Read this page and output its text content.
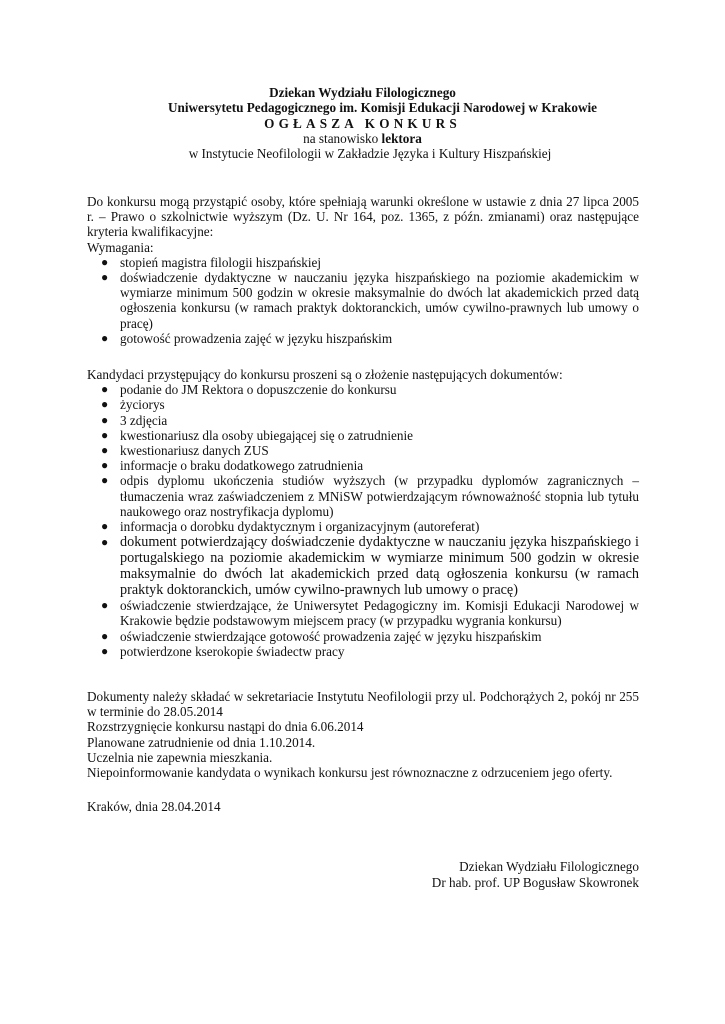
Dziekan Wydziału Filologicznego
Uniwersytetu Pedagogicznego im. Komisji Edukacji Narodowej w Krakowie
OGŁASZA KONKURS
na stanowisko lektora
w Instytucie Neofilologii w Zakładzie Języka i Kultury Hiszpańskiej
Do konkursu mogą przystąpić osoby, które spełniają warunki określone w ustawie z dnia 27 lipca 2005 r. – Prawo o szkolnictwie wyższym (Dz. U. Nr 164, poz. 1365, z późn. zmianami) oraz następujące kryteria kwalifikacyjne:
Wymagania:
● stopień magistra filologii hiszpańskiej
● doświadczenie dydaktyczne w nauczaniu języka hiszpańskiego na poziomie akademickim w wymiarze minimum 500 godzin w okresie maksymalnie do dwóch lat akademickich przed datą ogłoszenia konkursu (w ramach praktyk doktoranckich, umów cywilno-prawnych lub umowy o pracę)
● gotowość prowadzenia zajęć w języku hiszpańskim
Kandydaci przystępujący do konkursu proszeni są o złożenie następujących dokumentów:
● podanie do JM Rektora o dopuszczenie do konkursu
● życiorys
● 3 zdjęcia
● kwestionariusz dla osoby ubiegającej się o zatrudnienie
● kwestionariusz danych ZUS
● informacje o braku dodatkowego zatrudnienia
● odpis dyplomu ukończenia studiów wyższych (w przypadku dyplomów zagranicznych – tłumaczenia wraz zaświadczeniem z MNiSW potwierdzającym równoważność stopnia lub tytułu naukowego oraz nostryfikacja dyplomu)
● informacja o dorobku dydaktycznym i organizacyjnym (autoreferat)
● dokument potwierdzający doświadczenie dydaktyczne w nauczaniu języka hiszpańskiego i portugalskiego na poziomie akademickim w wymiarze minimum 500 godzin w okresie maksymalnie do dwóch lat akademickich przed datą ogłoszenia konkursu (w ramach praktyk doktoranckich, umów cywilno-prawnych lub umowy o pracę)
● oświadczenie stwierdzające, że Uniwersytet Pedagogiczny im. Komisji Edukacji Narodowej w Krakowie będzie podstawowym miejscem pracy (w przypadku wygrania konkursu)
● oświadczenie stwierdzające gotowość prowadzenia zajęć w języku hiszpańskim
● potwierdzone kserokopie świadectw pracy

Dokumenty należy składać w sekretariacie Instytutu Neofilologii przy ul. Podchorążych 2, pokój nr 255 w terminie do 28.05.2014

Rozstrzygnięcie konkursu nastąpi do dnia 6.06.2014

Planowane zatrudnienie od dnia 1.10.2014.

Uczelnia nie zapewnia mieszkania.

Niepoinformowanie kandydata o wynikach konkursu jest równoznaczne z odrzuceniem jego oferty.

Kraków, dnia 28.04.2014
Dziekan Wydziału Filologicznego
Dr hab. prof. UP Bogusław Skowronek
